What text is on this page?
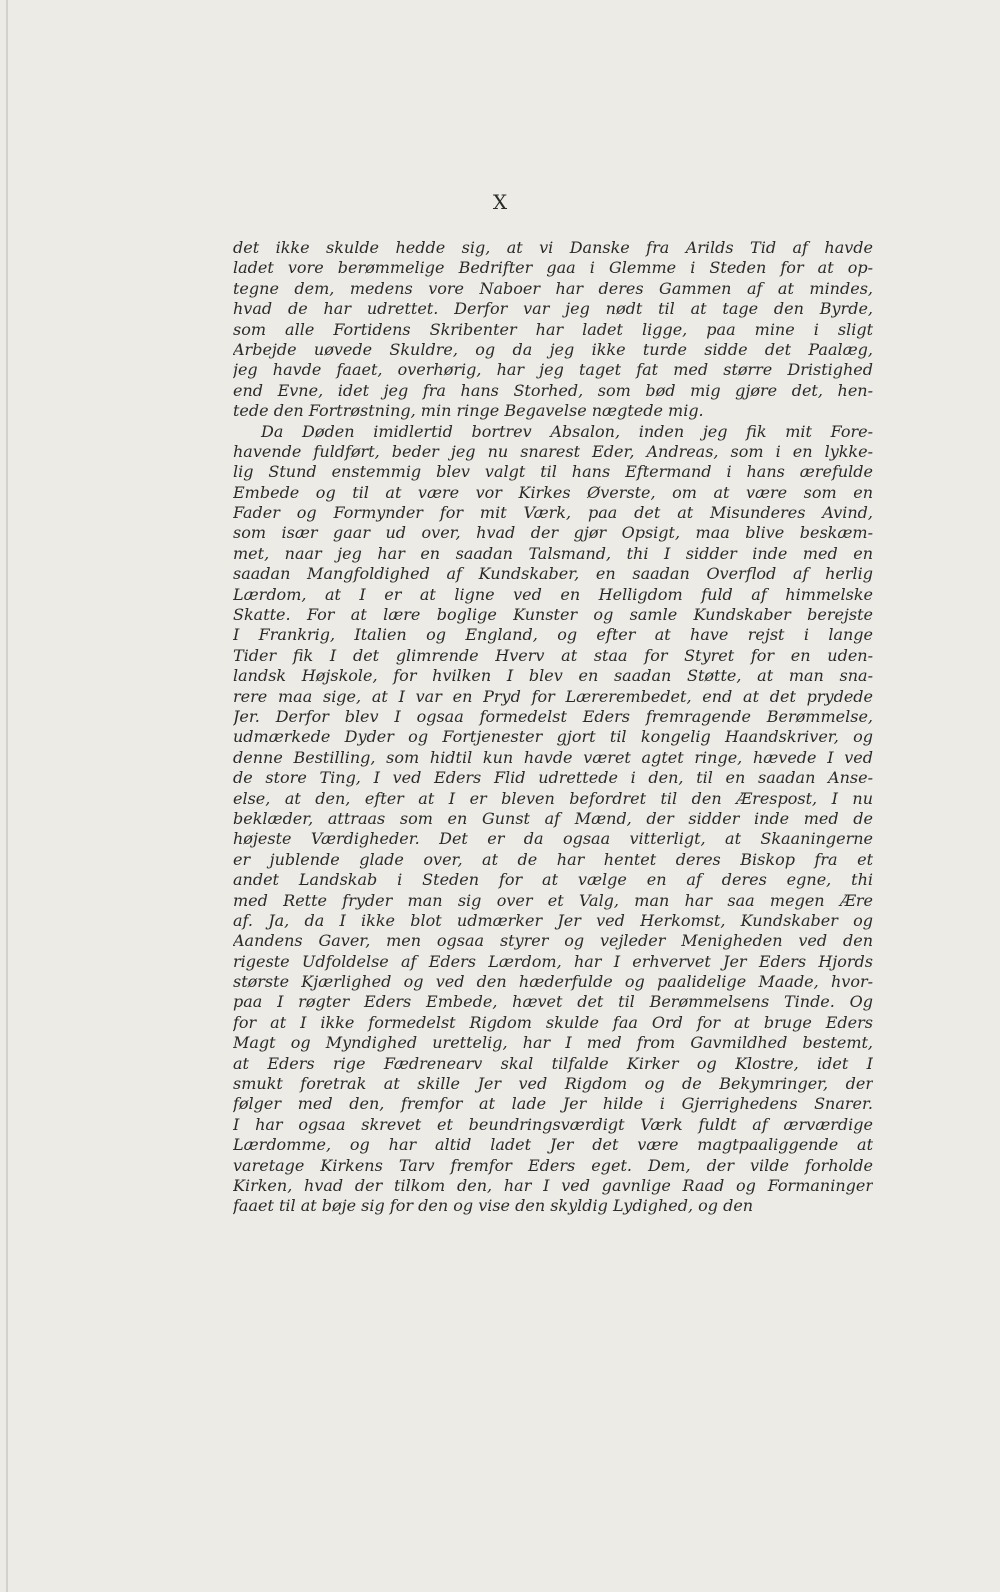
X
det ikke skulde hedde sig, at vi Danske fra Arilds Tid af havde
ladet vore berømmelige Bedrifter gaa i Glemme i Steden for at op-
tegne dem, medens vore Naboer har deres Gammen af at mindes,
hvad de har udrettet. Derfor var jeg nødt til at tage den Byrde,
som alle Fortidens Skribenter har ladet ligge, paa mine i sligt
Arbejde uøvede Skuldre, og da jeg ikke turde sidde det Paalæg,
jeg havde faaet, overhørig, har jeg taget fat med større Dristighed
end Evne, idet jeg fra hans Storhed, som bød mig gjøre det, hen-
tede den Fortrøstning, min ringe Begavelse nægtede mig.
Da Døden imidlertid bortrev Absalon, inden jeg fik mit Fore-
havende fuldført, beder jeg nu snarest Eder, Andreas, som i en lykke-
lig Stund enstemmig blev valgt til hans Eftermand i hans ærefulde
Embede og til at være vor Kirkes Øverste, om at være som en
Fader og Formynder for mit Værk, paa det at Misunderes Avind,
som især gaar ud over, hvad der gjør Opsigt, maa blive beskæm-
met, naar jeg har en saadan Talsmand, thi I sidder inde med en
saadan Mangfoldighed af Kundskaber, en saadan Overflod af herlig
Lærdom, at I er at ligne ved en Helligdom fuld af himmelske
Skatte. For at lære boglige Kunster og samle Kundskaber berejste
I Frankrig, Italien og England, og efter at have rejst i lange
Tider fik I det glimrende Hverv at staa for Styret for en uden-
landsk Højskole, for hvilken I blev en saadan Støtte, at man sna-
rere maa sige, at I var en Pryd for Lærerembedet, end at det prydede
Jer. Derfor blev I ogsaa formedelst Eders fremragende Berømmelse,
udmærkede Dyder og Fortjenester gjort til kongelig Haandskriver, og
denne Bestilling, som hidtil kun havde været agtet ringe, hævede I ved
de store Ting, I ved Eders Flid udrettede i den, til en saadan Anse-
else, at den, efter at I er bleven befordret til den Ærespost, I nu
beklæder, attraas som en Gunst af Mænd, der sidder inde med de
højeste Værdigheder. Det er da ogsaa vitterligt, at Skaaningerne
er jublende glade over, at de har hentet deres Biskop fra et
andet Landskab i Steden for at vælge en af deres egne, thi
med Rette fryder man sig over et Valg, man har saa megen Ære
af. Ja, da I ikke blot udmærker Jer ved Herkomst, Kundskaber og
Aandens Gaver, men ogsaa styrer og vejleder Menigheden ved den
rigeste Udfoldelse af Eders Lærdom, har I erhvervet Jer Eders Hjords
største Kjærlighed og ved den hæderfulde og paalidelige Maade, hvor-
paa I røgter Eders Embede, hævet det til Berømmelsens Tinde. Og
for at I ikke formedelst Rigdom skulde faa Ord for at bruge Eders
Magt og Myndighed urettelig, har I med from Gavmildhed bestemt,
at Eders rige Fædrenearv skal tilfalde Kirker og Klostre, idet I
smukt foretrak at skille Jer ved Rigdom og de Bekymringer, der
følger med den, fremfor at lade Jer hilde i Gjerrighedens Snarer.
I har ogsaa skrevet et beundringsværdigt Værk fuldt af ærværdige
Lærdomme, og har altid ladet Jer det være magtpaaliggende at
varetage Kirkens Tarv fremfor Eders eget. Dem, der vilde forholde
Kirken, hvad der tilkom den, har I ved gavnlige Raad og Formaninger
faaet til at bøje sig for den og vise den skyldig Lydighed, og den
